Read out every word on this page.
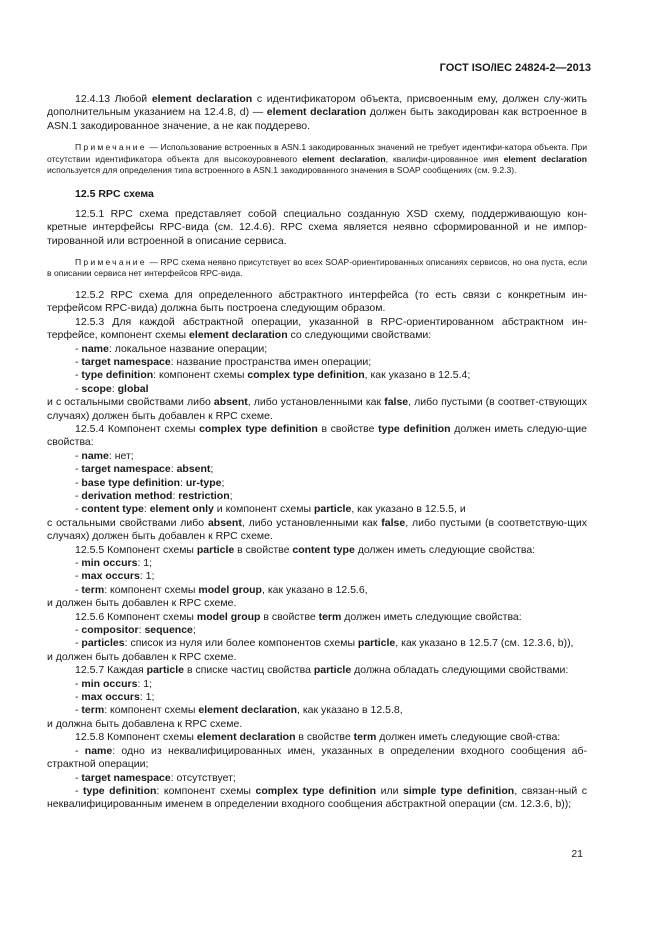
ГОСТ ISO/IEC 24824-2—2013

12.4.13 Любой element declaration с идентификатором объекта, присвоенным ему, должен слу-жить дополнительным указанием на 12.4.8, d) — element declaration должен быть закодирован как встроенное в ASN.1 закодированное значение, а не как поддерево.

Примечание — Использование встроенных в ASN.1 закодированных значений не требует идентифи-катора объекта. При отсутствии идентификатора объекта для высокоуровневого element declaration, квалифи-цированное имя element declaration используется для определения типа встроенного в ASN.1 закодированного значения в SOAP сообщениях (см. 9.2.3).

12.5 RPC схема

12.5.1 RPC схема представляет собой специально созданную XSD схему, поддерживающую кон-кретные интерфейсы RPC-вида (см. 12.4.6). RPC схема является неявно сформированной и не импор-тированной или встроенной в описание сервиса.

Примечание — RPC схема неявно присутствует во всех SOAP-ориентированных описаниях сервисов, но она пуста, если в описании сервиса нет интерфейсов RPC-вида.

12.5.2 RPC схема для определенного абстрактного интерфейса (то есть связи с конкретным ин-терфейсом RPC-вида) должна быть построена следующим образом.

12.5.3 Для каждой абстрактной операции, указанной в RPC-ориентированном абстрактном ин-терфейсе, компонент схемы element declaration со следующими свойствами:

- name: локальное название операции;

- target namespace: название пространства имен операции;

- type definition: компонент схемы complex type definition, как указано в 12.5.4;

- scope: global

и с остальными свойствами либо absent, либо установленными как false, либо пустыми (в соответ-ствующих случаях) должен быть добавлен к RPC схеме.

12.5.4 Компонент схемы complex type definition в свойстве type definition должен иметь следую-щие свойства:

- name: нет;

- target namespace: absent;

- base type definition: ur-type;

- derivation method: restriction;

- content type: element only и компонент схемы particle, как указано в 12.5.5, и

с остальными свойствами либо absent, либо установленными как false, либо пустыми (в соответствую-щих случаях) должен быть добавлен к RPC схеме.

12.5.5 Компонент схемы particle в свойстве content type должен иметь следующие свойства:

- min occurs: 1;

- max occurs: 1;

- term: компонент схемы model group, как указано в 12.5.6,

и должен быть добавлен к RPC схеме.

12.5.6 Компонент схемы model group в свойстве term должен иметь следующие свойства:

- compositor: sequence;

- particles: список из нуля или более компонентов схемы particle, как указано в 12.5.7 (см. 12.3.6, b)),

и должен быть добавлен к RPC схеме.

12.5.7 Каждая particle в списке частиц свойства particle должна обладать следующими свойствами:

- min occurs: 1;

- max occurs: 1;

- term: компонент схемы element declaration, как указано в 12.5.8,

и должна быть добавлена к RPC схеме.

12.5.8 Компонент схемы element declaration в свойстве term должен иметь следующие свой-ства:

- name: одно из неквалифицированных имен, указанных в определении входного сообщения аб-страктной операции;

- target namespace: отсутствует;

- type definition: компонент схемы complex type definition или simple type definition, связан-ный с неквалифицированным именем в определении входного сообщения абстрактной операции (см. 12.3.6, b));

21
